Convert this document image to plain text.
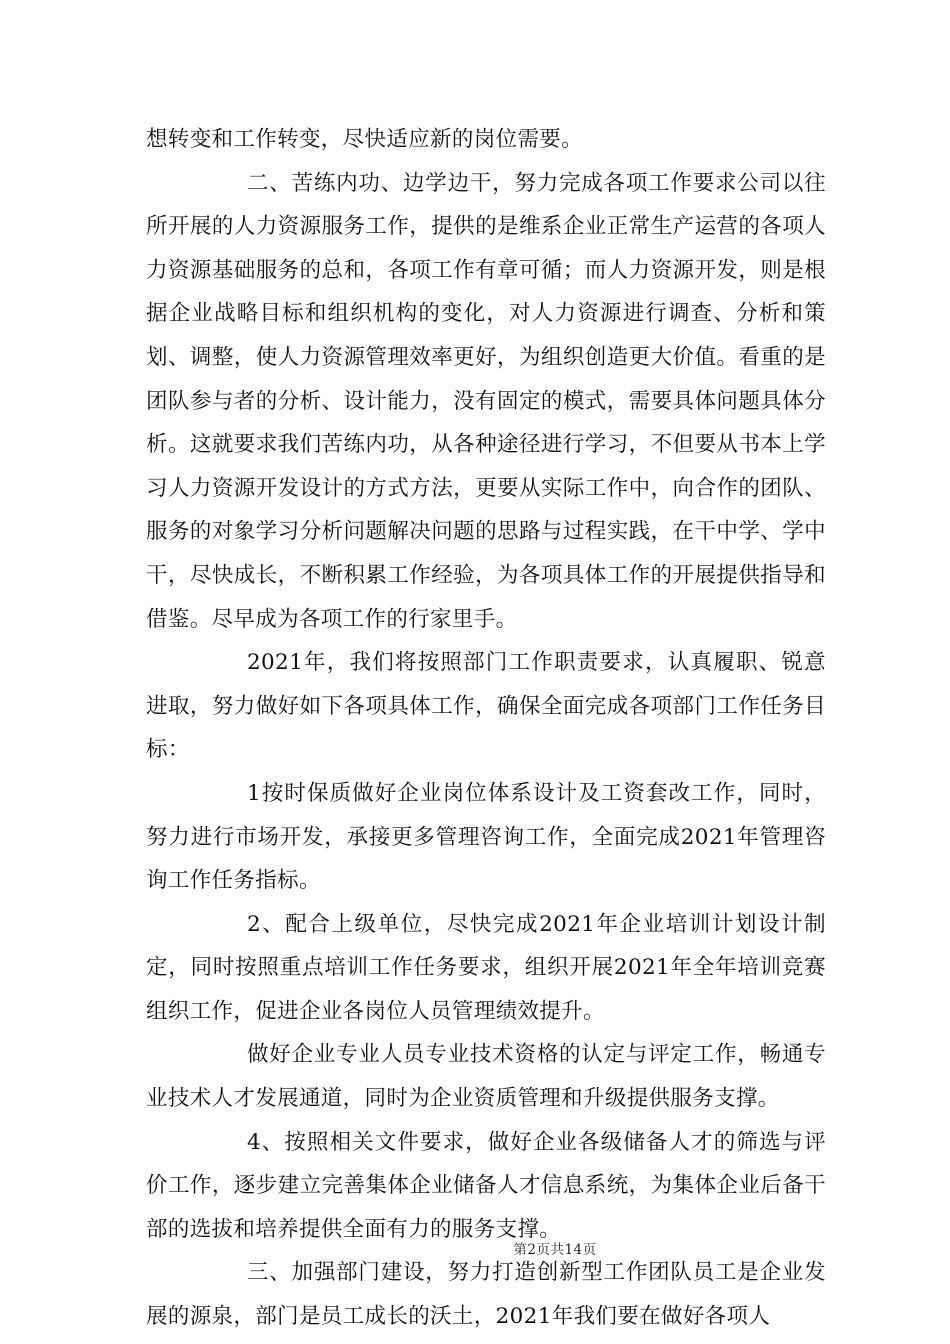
想转变和工作转变，尽快适应新的岗位需要。

二、苦练内功、边学边干，努力完成各项工作要求公司以往所开展的人力资源服务工作，提供的是维系企业正常生产运营的各项人力资源基础服务的总和，各项工作有章可循；而人力资源开发，则是根据企业战略目标和组织机构的变化，对人力资源进行调查、分析和策划、调整，使人力资源管理效率更好，为组织创造更大价值。看重的是团队参与者的分析、设计能力，没有固定的模式，需要具体问题具体分析。这就要求我们苦练内功，从各种途径进行学习，不但要从书本上学习人力资源开发设计的方式方法，更要从实际工作中，向合作的团队、服务的对象学习分析问题解决问题的思路与过程实践，在干中学、学中干，尽快成长，不断积累工作经验，为各项具体工作的开展提供指导和借鉴。尽早成为各项工作的行家里手。

2021年，我们将按照部门工作职责要求，认真履职、锐意进取，努力做好如下各项具体工作，确保全面完成各项部门工作任务目标：

1按时保质做好企业岗位体系设计及工资套改工作，同时，努力进行市场开发，承接更多管理咨询工作，全面完成2021年管理咨询工作任务指标。

2、配合上级单位，尽快完成2021年企业培训计划设计制定，同时按照重点培训工作任务要求，组织开展2021年全年培训竞赛组织工作，促进企业各岗位人员管理绩效提升。

做好企业专业人员专业技术资格的认定与评定工作，畅通专业技术人才发展通道，同时为企业资质管理和升级提供服务支撑。

4、按照相关文件要求，做好企业各级储备人才的筛选与评价工作，逐步建立完善集体企业储备人才信息系统，为集体企业后备干部的选拔和培养提供全面有力的服务支撑。

三、加强部门建设，努力打造创新型工作团队员工是企业发展的源泉，部门是员工成长的沃土，2021年我们要在做好各项人

第2页共14页
